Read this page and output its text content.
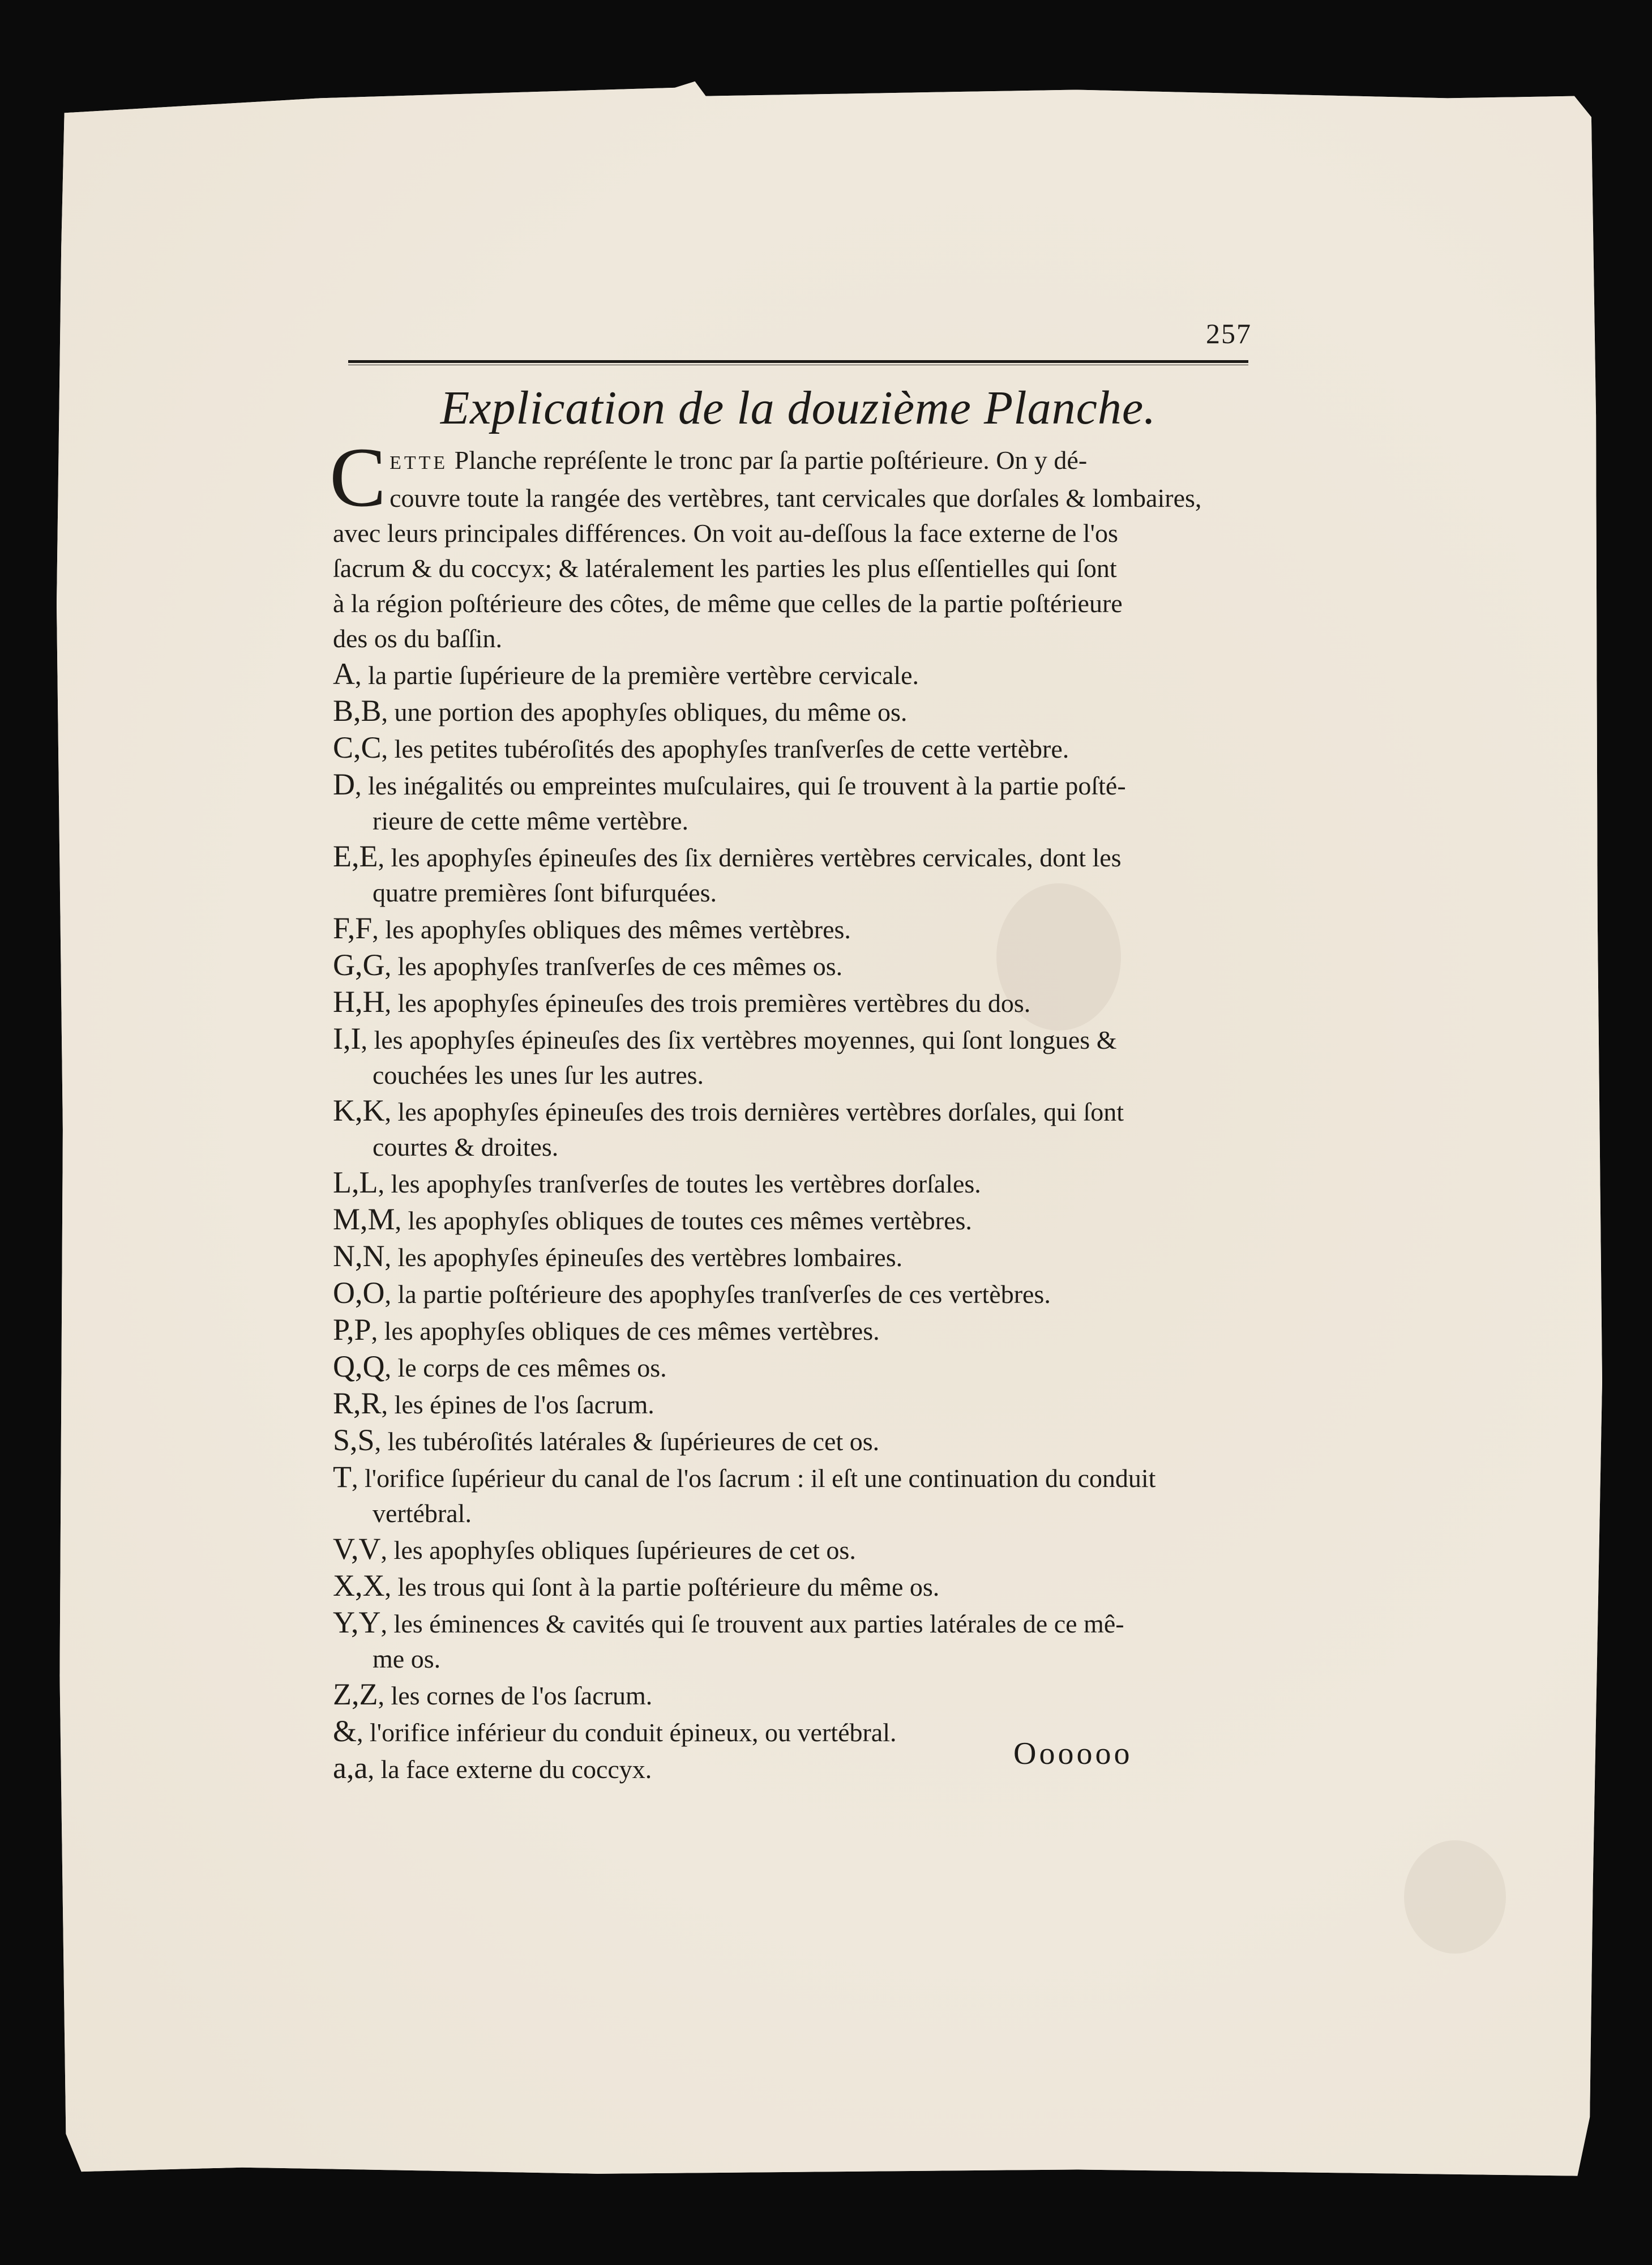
257
Explication de la douzième Planche.

CETTE Planche repréſente le tronc par ſa partie poſtérieure. On y dé-
couvre toute la rangée des vertèbres, tant cervicales que dorſales & lombaires,
avec leurs principales différences. On voit au-deſſous la face externe de l'os
ſacrum & du coccyx; & latéralement les parties les plus eſſentielles qui ſont
à la région poſtérieure des côtes, de même que celles de la partie poſtérieure
des os du baſſin.

A, la partie ſupérieure de la première vertèbre cervicale.
B,B, une portion des apophyſes obliques, du même os.
C,C, les petites tubéroſités des apophyſes tranſverſes de cette vertèbre.
D, les inégalités ou empreintes muſculaires, qui ſe trouvent à la partie poſté-
rieure de cette même vertèbre.
E,E, les apophyſes épineuſes des ſix dernières vertèbres cervicales, dont les
quatre premières ſont bifurquées.
F,F, les apophyſes obliques des mêmes vertèbres.
G,G, les apophyſes tranſverſes de ces mêmes os.
H,H, les apophyſes épineuſes des trois premières vertèbres du dos.
I,I, les apophyſes épineuſes des ſix vertèbres moyennes, qui ſont longues &
couchées les unes ſur les autres.
K,K, les apophyſes épineuſes des trois dernières vertèbres dorſales, qui ſont
courtes & droites.
L,L, les apophyſes tranſverſes de toutes les vertèbres dorſales.
M,M, les apophyſes obliques de toutes ces mêmes vertèbres.
N,N, les apophyſes épineuſes des vertèbres lombaires.
O,O, la partie poſtérieure des apophyſes tranſverſes de ces vertèbres.
P,P, les apophyſes obliques de ces mêmes vertèbres.
Q,Q, le corps de ces mêmes os.
R,R, les épines de l'os ſacrum.
S,S, les tubéroſités latérales & ſupérieures de cet os.
T, l'orifice ſupérieur du canal de l'os ſacrum : il eſt une continuation du conduit
vertébral.
V,V, les apophyſes obliques ſupérieures de cet os.
X,X, les trous qui ſont à la partie poſtérieure du même os.
Y,Y, les éminences & cavités qui ſe trouvent aux parties latérales de ce mê-
me os.
Z,Z, les cornes de l'os ſacrum.
&, l'orifice inférieur du conduit épineux, ou vertébral.
a,a, la face externe du coccyx.	Oooooo
